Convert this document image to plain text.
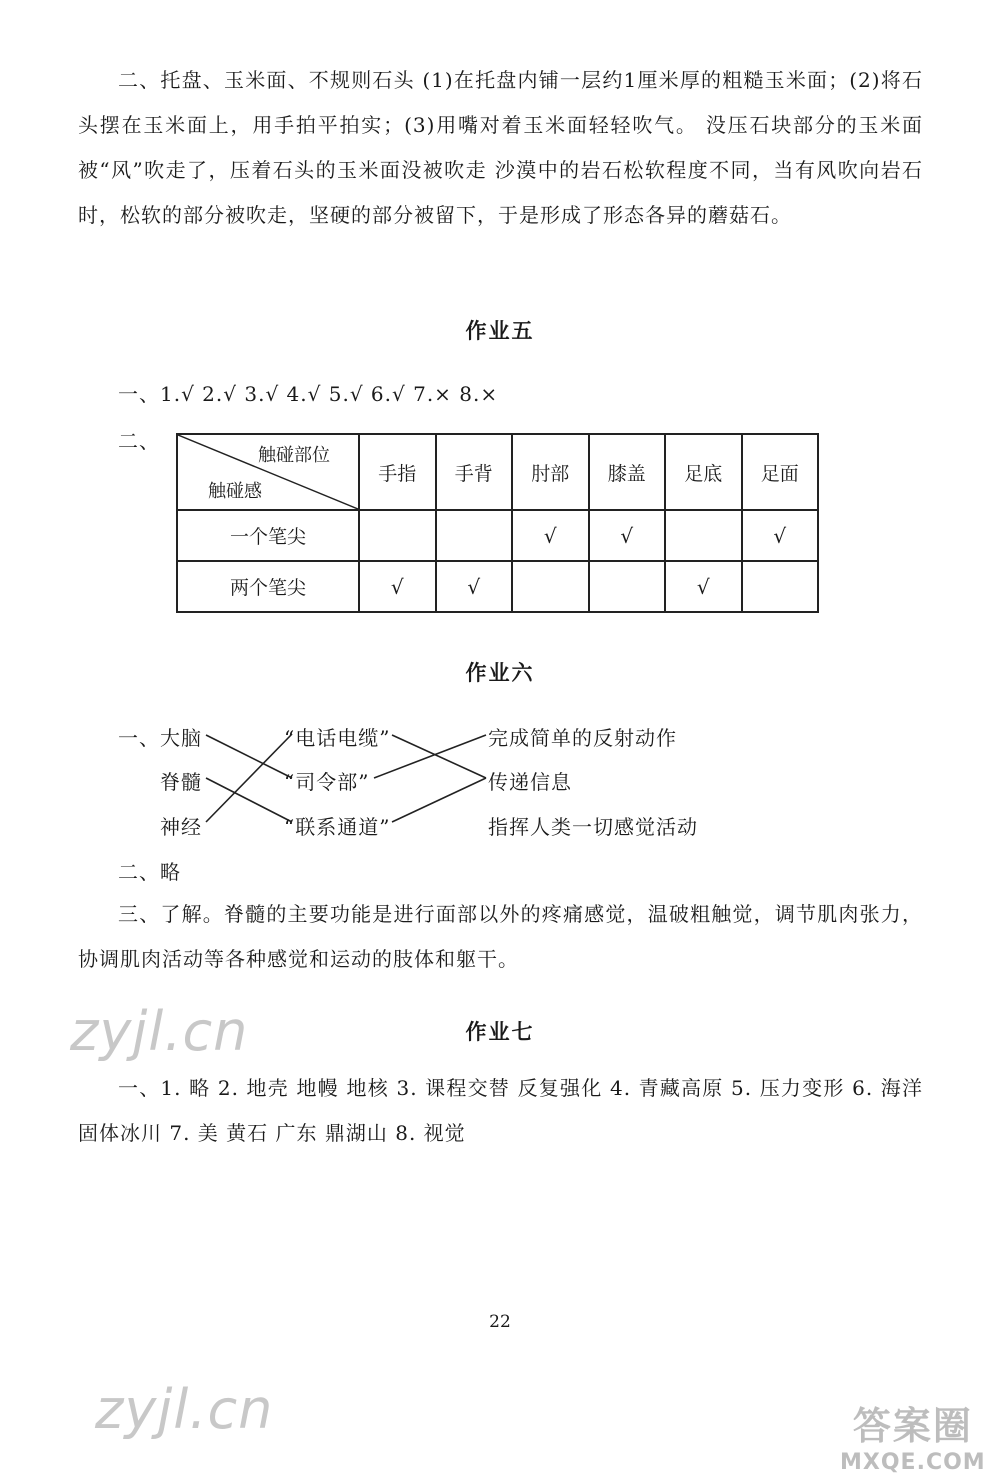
二、托盘、玉米面、不规则石头 (1)在托盘内铺一层约1厘米厚的粗糙玉米面；(2)将石头摆在玉米面上，用手拍平拍实；(3)用嘴对着玉米面轻轻吹气。 没压石块部分的玉米面被“风”吹走了，压着石头的玉米面没被吹走 沙漠中的岩石松软程度不同，当有风吹向岩石时，松软的部分被吹走，坚硬的部分被留下，于是形成了形态各异的蘑菇石。

作业五
一、1.√ 2.√ 3.√ 4.√ 5.√ 6.√ 7.× 8.×
二、
触碰部位
触碰感	手指	手背	肘部	膝盖	足底	足面
一个笔尖			√	√		√
两个笔尖	√	√			√	
作业六
一、 大脑
脊髓
神经
“电话电缆”
“司令部”
“联系通道”
完成简单的反射动作
传递信息
指挥人类一切感觉活动
二、略

三、了解。脊髓的主要功能是进行面部以外的疼痛感觉，温破粗触觉，调节肌肉张力，协调肌肉活动等各种感觉和运动的肢体和躯干。

zyjl.cn	作业七

一、1. 略 2. 地壳 地幔 地核 3. 课程交替 反复强化 4. 青藏高原 5. 压力变形 6. 海洋 固体冰川 7. 美 黄石 广东 鼎湖山 8. 视觉

22
zyjl.cn	答案圈
MXQE.COM
